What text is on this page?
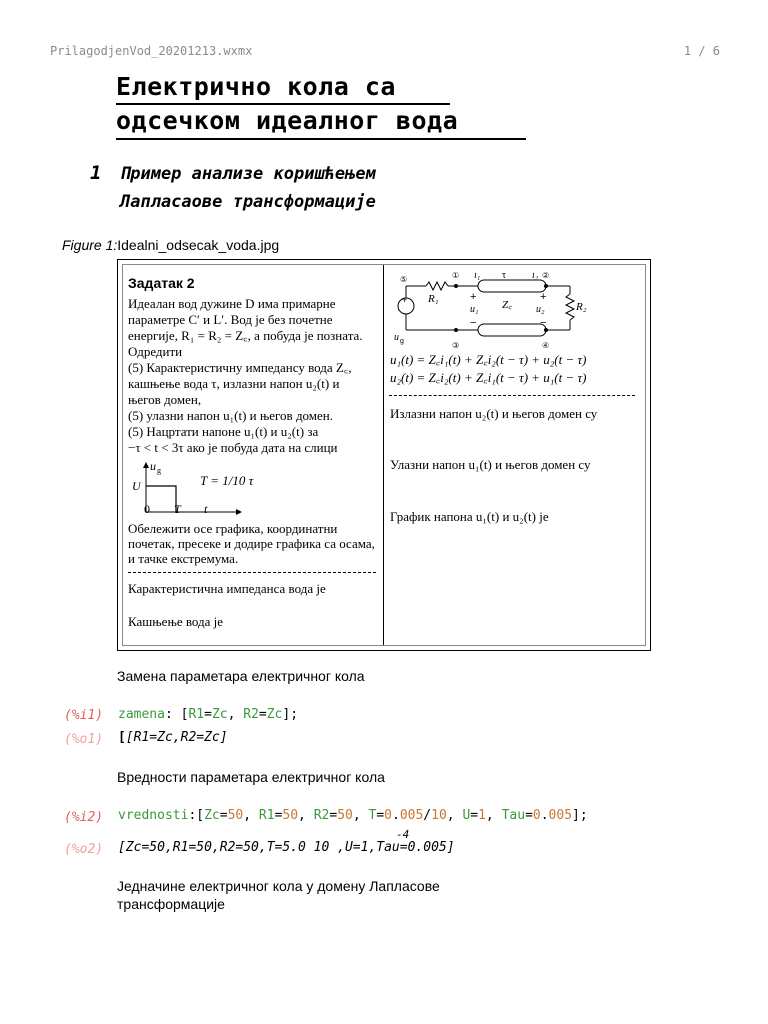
PrilagodjenVod_20201213.wxmx	1 / 6
Електрично кола са
одсечком идеалног вода
1 Пример анализе коришћењем
Лапласаове трансформације
Figure 1:Idealni_odsecak_voda.jpg
Задатак 2
Идеалан вод дужине D има примарне
параметре C′ и L′. Вод је без почетне
енергије, R₁ = R₂ = Z꜀, а побуда је позната.
Одредити
(5) Карактеристичну импедансу вода Z꜀,
кашњење вода τ, излазни напон u₂(t) и
његов домен,
(5) улазни напон u₁(t) и његов домен.
(5) Нацртати напоне u₁(t) и u₂(t) за
−τ < t < 3τ ако је побуда дата на слици
u g
U
0 T t
T = 1/10 τ
Обележити осе графика, координатни
почетак, пресеке и додире графика са осама,
и тачке екстремума.
Карактеристична импеданса вода је
Кашњење вода је
+
⑤	①	②
③	④
R₁
R₂
Z꜀
τ
i₁	i₂
+
u₁
−
+
u₂
−
u g
u₁(t) = Z꜀i₁(t) + Z꜀i₂(t − τ) + u₂(t − τ)
u₂(t) = Z꜀i₂(t) + Z꜀i₁(t − τ) + u₁(t − τ)
Излазни напон u₂(t) и његов домен су
Улазни напон u₁(t) и његов домен су
График напона u₁(t) и u₂(t) је
Замена параметара електричног кола
(%i1) zamena: [R1=Zc, R2=Zc];
(%o1) [[R1=Zc,R2=Zc]
Вредности параметара електричног кола
(%i2) vrednosti:[Zc=50, R1=50, R2=50, T=0.005/10, U=1, Tau=0.005];
(%o2) [Zc=50,R1=50,R2=50,T=5.0 10 ,U=1,Tau=0.005]
-4
Једначине електричног кола у домену Лапласове
трансформације
